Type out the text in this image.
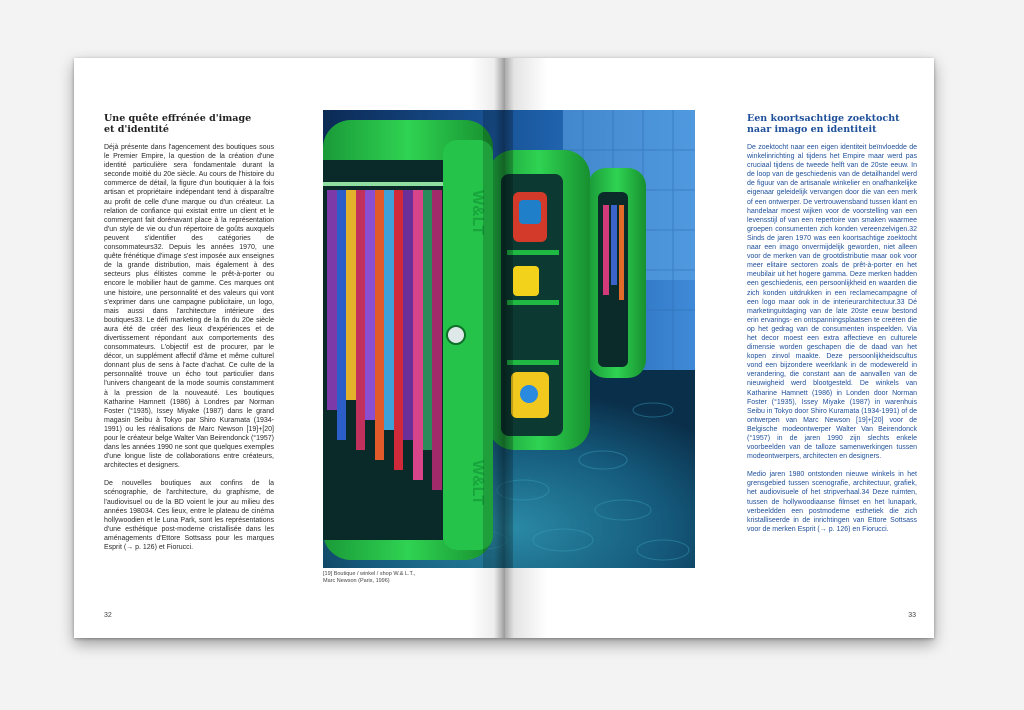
Une quête effrénée d'image
et d'identité

Déjà présente dans l'agencement des boutiques sous le Premier Empire, la question de la création d'une identité particulière sera fondamentale durant la seconde moitié du 20e siècle. Au cours de l'histoire du commerce de détail, la figure d'un boutiquier à la fois artisan et propriétaire indépendant tend à disparaître au profit de celle d'une marque ou d'un créateur. La relation de confiance qui existait entre un client et le commerçant fait dorénavant place à la représentation d'un style de vie ou d'un répertoire de goûts auxquels peuvent s'identifier des catégories de consommateurs32. Depuis les années 1970, une quête frénétique d'image s'est imposée aux enseignes de la grande distribution, mais également à des secteurs plus élitistes comme le prêt-à-porter ou encore le mobilier haut de gamme. Ces marques ont une histoire, une personnalité et des valeurs qui vont s'exprimer dans une campagne publicitaire, un logo, mais aussi dans l'architecture intérieure des boutiques33. Le défi marketing de la fin du 20e siècle aura été de créer des lieux d'expériences et de divertissement répondant aux comportements des consommateurs. L'objectif est de procurer, par le décor, un supplément affectif d'âme et même culturel donnant plus de sens à l'acte d'achat. Ce culte de la personnalité trouve un écho tout particulier dans l'univers changeant de la mode soumis constamment à la pression de la nouveauté. Les boutiques Katharine Hamnett (1986) à Londres par Norman Foster (°1935), Issey Miyake (1987) dans le grand magasin Seibu à Tokyo par Shiro Kuramata (1934-1991) ou les réalisations de Marc Newson [19]+[20] pour le créateur belge Walter Van Beirendonck (°1957) dans les années 1990 ne sont que quelques exemples d'une longue liste de collaborations entre créateurs, architectes et designers.

De nouvelles boutiques aux confins de la scénographie, de l'architecture, du graphisme, de l'audiovisuel ou de la BD voient le jour au milieu des années 198034. Ces lieux, entre le plateau de cinéma hollywoodien et le Luna Park, sont les représentations d'une esthétique post-moderne cristallisée dans les aménagements d'Ettore Sottsass pour les marques Esprit (→ p. 126) et Fiorucci.

32
Een koortsachtige zoektocht
naar imago en identiteit

De zoektocht naar een eigen identiteit beïnvloedde de winkelinrichting al tijdens het Empire maar werd pas cruciaal tijdens de tweede helft van de 20ste eeuw. In de loop van de geschiedenis van de detailhandel werd de figuur van de artisanale winkelier en onafhankelijke eigenaar geleidelijk vervangen door die van een merk of een ontwerper. De vertrouwensband tussen klant en handelaar moest wijken voor de voorstelling van een levensstijl of van een repertoire van smaken waarmee groepen consumenten zich konden vereenzelvigen.32 Sinds de jaren 1970 was een koortsachtige zoektocht naar een imago onvermijdelijk geworden, niet alleen voor de merken van de grootdistributie maar ook voor meer elitaire sectoren zoals de prêt-à-porter en het meubilair uit het hogere gamma. Deze merken hadden een geschiedenis, een persoonlijkheid en waarden die zich konden uitdrukken in een reclamecampagne of een logo maar ook in de interieurarchitectuur.33 Dé marketinguitdaging van de late 20ste eeuw bestond erin ervarings- en ontspanningsplaatsen te creëren die op het gedrag van de consumenten inspeelden. Via het decor moest een extra affectieve en culturele dimensie worden geschapen die de daad van het kopen zinvol maakte. Deze persoonlijkheidscultus vond een bijzondere weerklank in de modewereld in verandering, die constant aan de aanvallen van de nieuwigheid werd blootgesteld. De winkels van Katharine Hamnett (1986) in Londen door Norman Foster (°1935), Issey Miyake (1987) in warenhuis Seibu in Tokyo door Shiro Kuramata (1934-1991) of de ontwerpen van Marc Newson [19]+[20] voor de Belgische modeontwerper Walter Van Beirendonck (°1957) in de jaren 1990 zijn slechts enkele voorbeelden van de talloze samenwerkingen tussen modeontwerpers, architecten en designers.

Medio jaren 1980 ontstonden nieuwe winkels in het grensgebied tussen scenografie, architectuur, grafiek, het audiovisuele of het stripverhaal.34 Deze ruimten, tussen de hollywoodiaanse filmset en het lunapark, verbeeldden een postmoderne esthetiek die zich kristalliseerde in de inrichtingen van Ettore Sottsass voor de merken Esprit (→ p. 126) en Fiorucci.

33
W&LT
W&LT
[19] Boutique / winkel / shop W.& L.T.,
Marc Newson (Paris, 1996)
